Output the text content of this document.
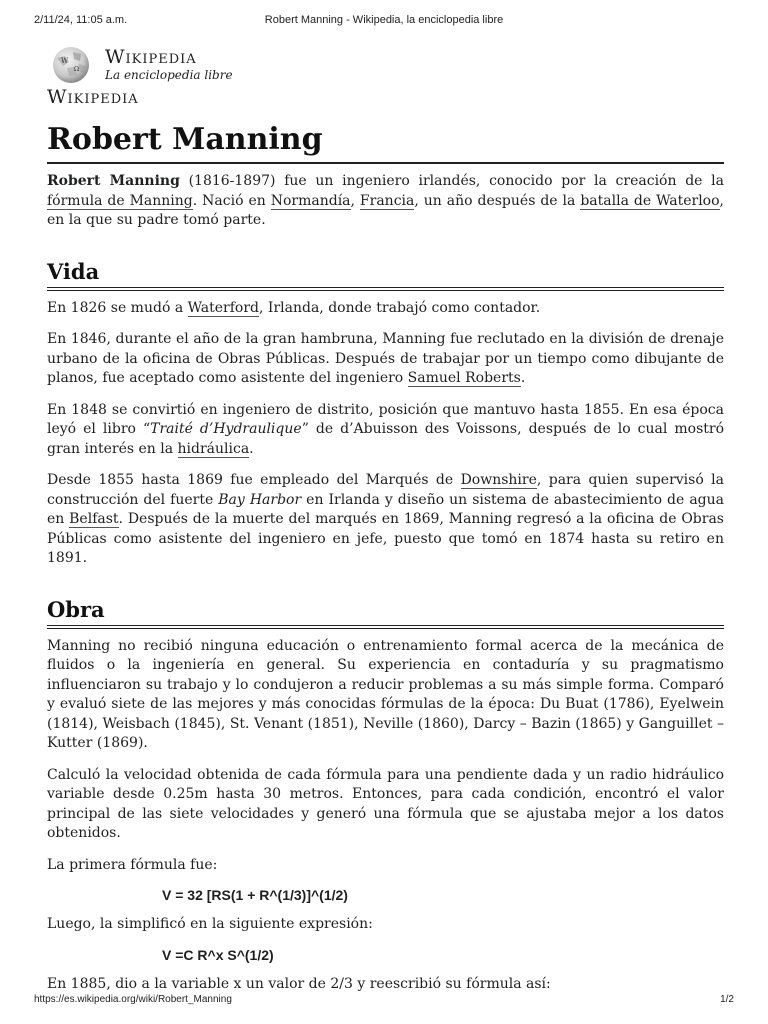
2/11/24, 11:05 a.m.	Robert Manning - Wikipedia, la enciclopedia libre
W
Ω
Wikipedia
La enciclopedia libre
Wikipedia
Robert Manning

Robert Manning (1816-1897) fue un ingeniero irlandés, conocido por la creación de la fórmula de Manning. Nació en Normandía, Francia, un año después de la batalla de Waterloo, en la que su padre tomó parte.

Vida

En 1826 se mudó a Waterford, Irlanda, donde trabajó como contador.

En 1846, durante el año de la gran hambruna, Manning fue reclutado en la división de drenaje urbano de la oficina de Obras Públicas. Después de trabajar por un tiempo como dibujante de planos, fue aceptado como asistente del ingeniero Samuel Roberts.

En 1848 se convirtió en ingeniero de distrito, posición que mantuvo hasta 1855. En esa época leyó el libro “Traité d’Hydraulique” de d’Abuisson des Voissons, después de lo cual mostró gran interés en la hidráulica.

Desde 1855 hasta 1869 fue empleado del Marqués de Downshire, para quien supervisó la construcción del fuerte Bay Harbor en Irlanda y diseño un sistema de abastecimiento de agua en Belfast. Después de la muerte del marqués en 1869, Manning regresó a la oficina de Obras Públicas como asistente del ingeniero en jefe, puesto que tomó en 1874 hasta su retiro en 1891.

Obra

Manning no recibió ninguna educación o entrenamiento formal acerca de la mecánica de fluidos o la ingeniería en general. Su experiencia en contaduría y su pragmatismo influenciaron su trabajo y lo condujeron a reducir problemas a su más simple forma. Comparó y evaluó siete de las mejores y más conocidas fórmulas de la época: Du Buat (1786), Eyelwein (1814), Weisbach (1845), St. Venant (1851), Neville (1860), Darcy – Bazin (1865) y Ganguillet – Kutter (1869).

Calculó la velocidad obtenida de cada fórmula para una pendiente dada y un radio hidráulico variable desde 0.25m hasta 30 metros. Entonces, para cada condición, encontró el valor principal de las siete velocidades y generó una fórmula que se ajustaba mejor a los datos obtenidos.

La primera fórmula fue:

V = 32 [RS(1 + R^(1/3)]^(1/2)

Luego, la simplificó en la siguiente expresión:

V =C R^x S^(1/2)

En 1885, dio a la variable x un valor de 2/3 y reescribió su fórmula así:

https://es.wikipedia.org/wiki/Robert_Manning	1/2
